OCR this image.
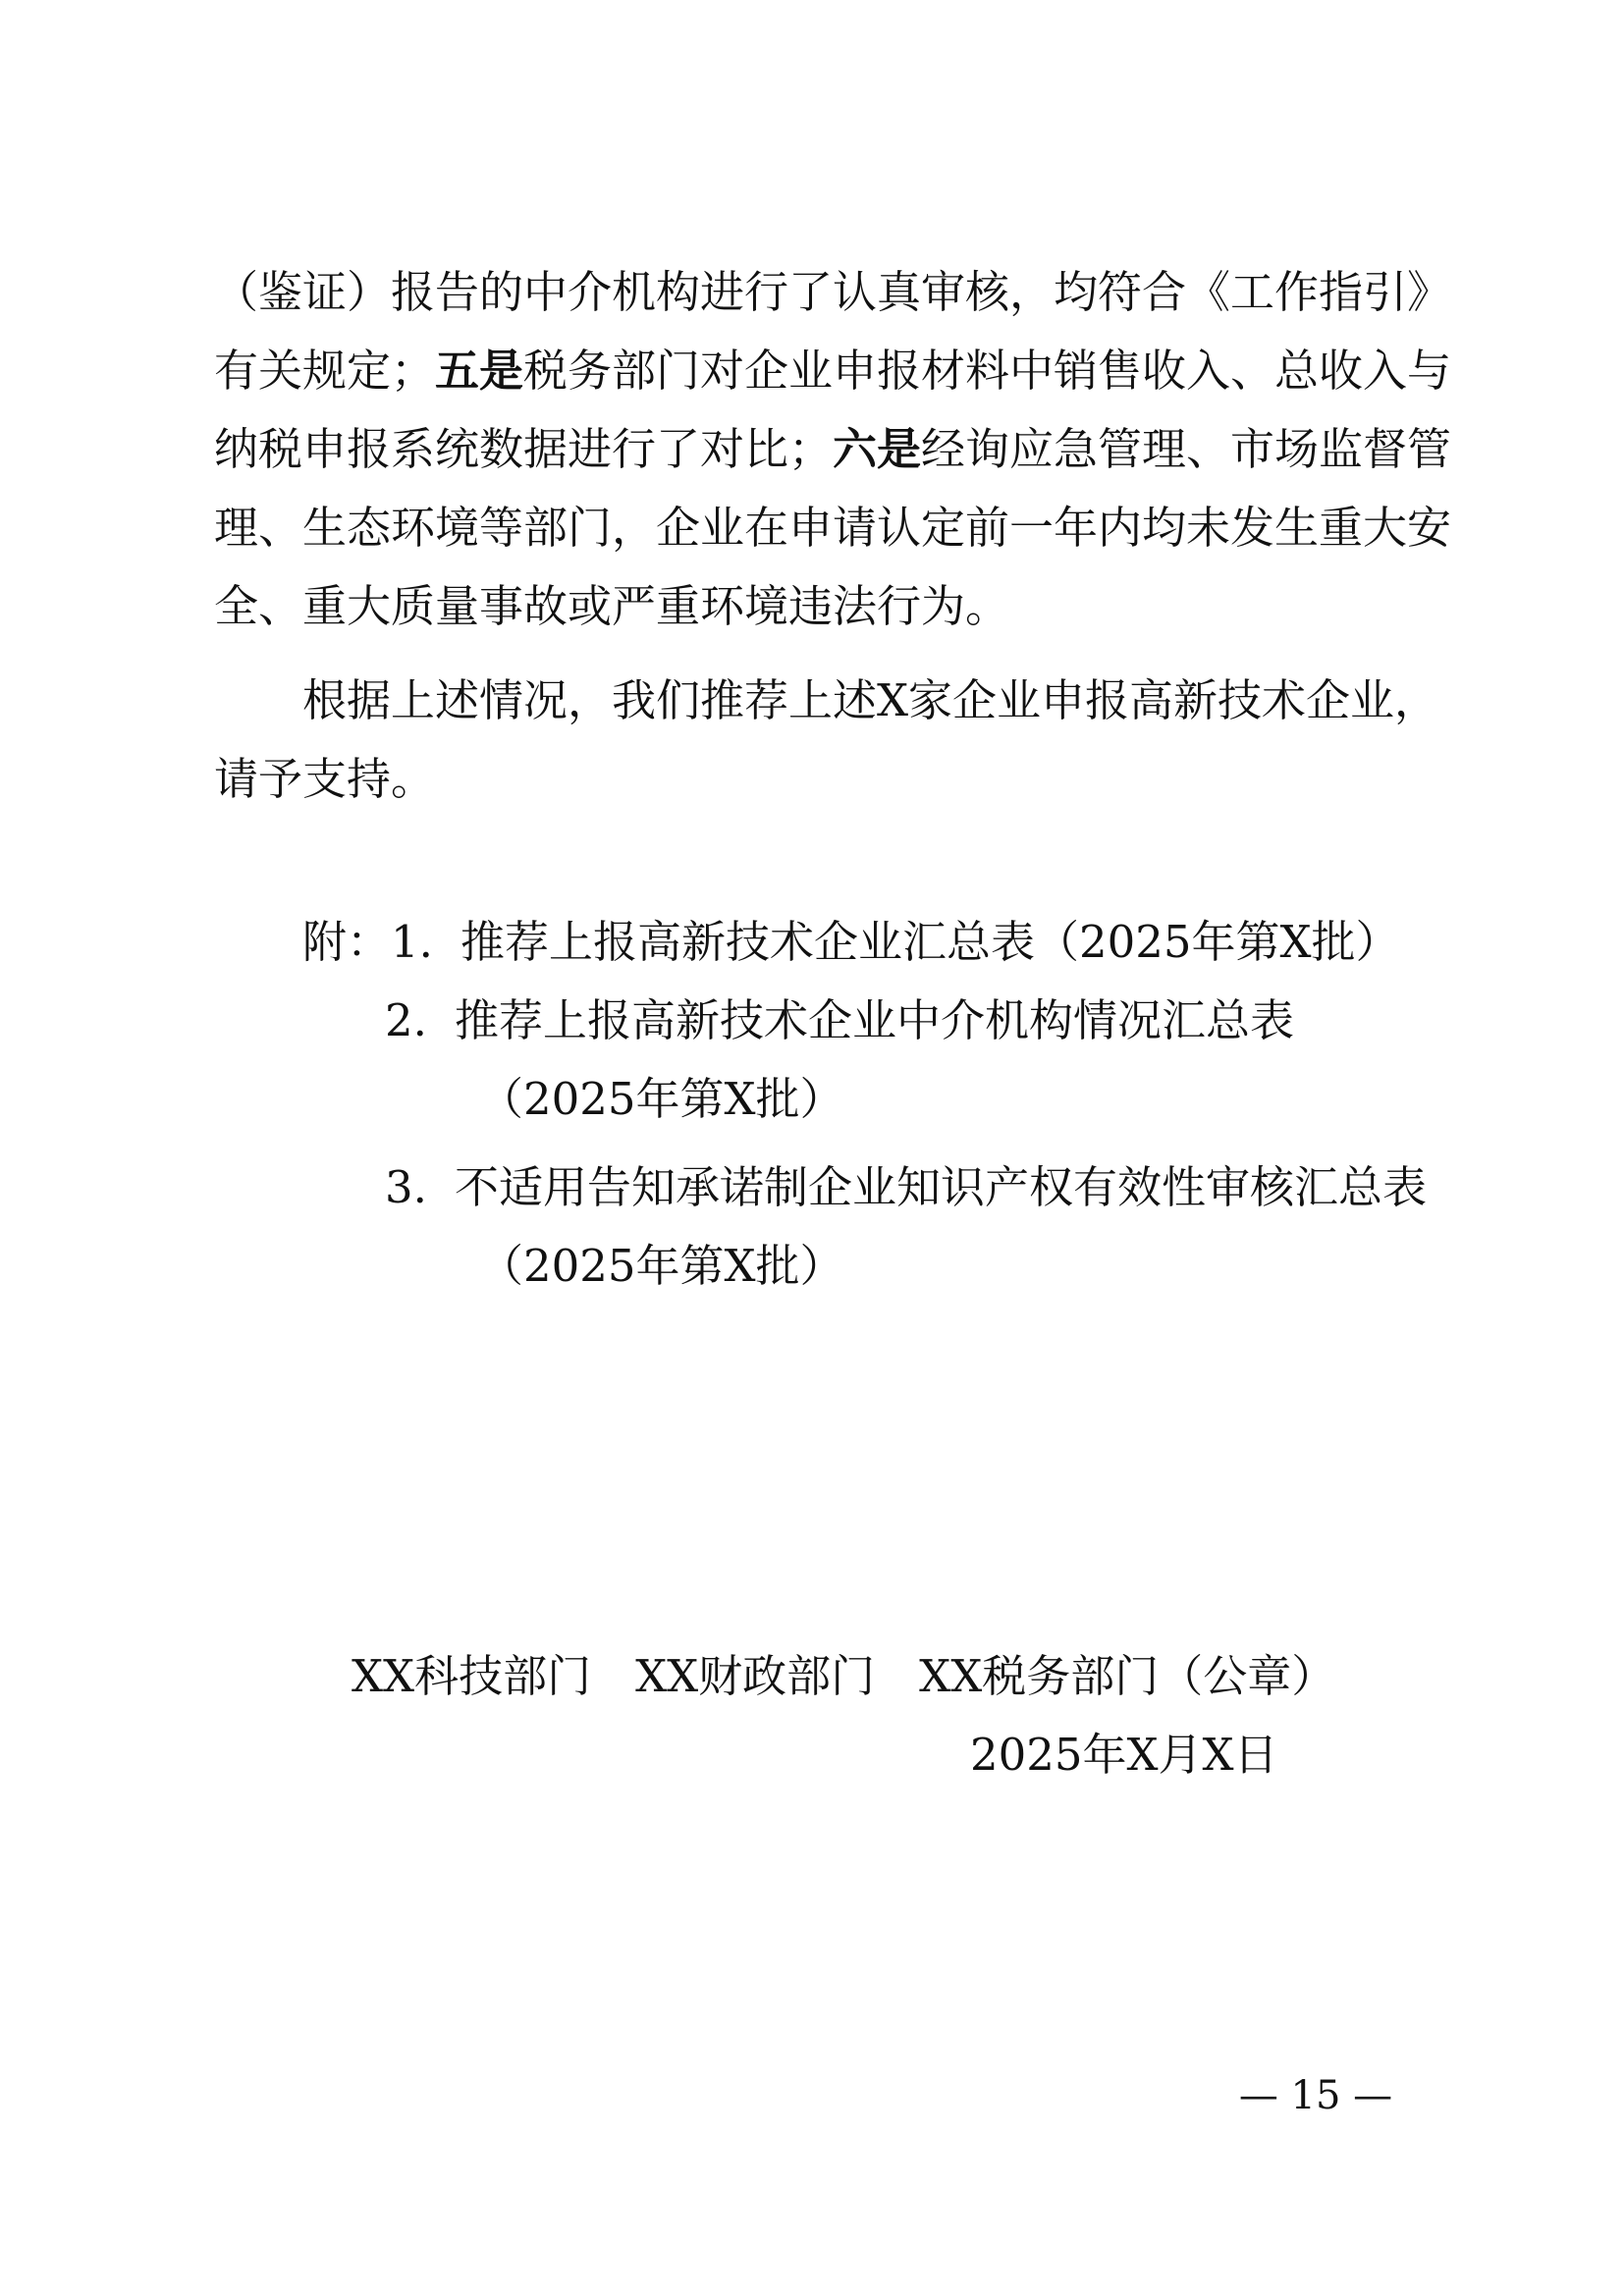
（鉴证）报告的中介机构进行了认真审核，均符合《工作指引》
有关规定；五是税务部门对企业申报材料中销售收入、总收入与
纳税申报系统数据进行了对比；六是经询应急管理、市场监督管
理、生态环境等部门，企业在申请认定前一年内均未发生重大安
全、重大质量事故或严重环境违法行为。
根据上述情况，我们推荐上述X家企业申报高新技术企业，
请予支持。
附：1. 推荐上报高新技术企业汇总表（2025年第X批）
2. 推荐上报高新技术企业中介机构情况汇总表
（2025年第X批）
3. 不适用告知承诺制企业知识产权有效性审核汇总表
（2025年第X批）
XX科技部门 XX财政部门 XX税务部门（公章）
2025年X月X日
— 15 —
